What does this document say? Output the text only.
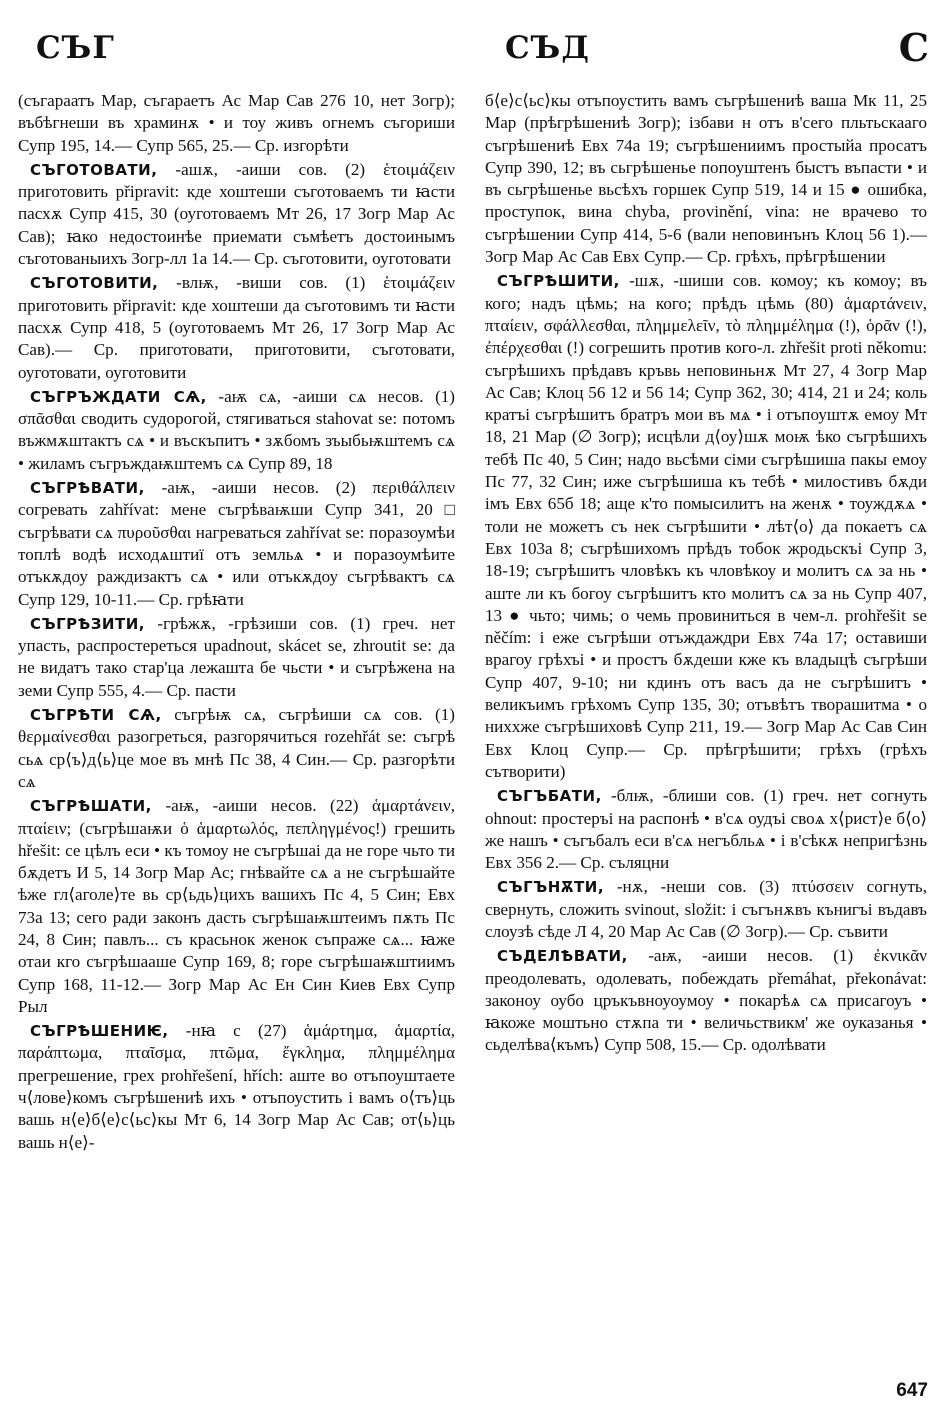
СЪГ	СЪД	С

(съгараатъ Мар, съгараетъ Ас Мар Сав 276 10, нет Зогр); въбѣгнеши въ храминѫ • и тоу живъ огнемъ съгориши Супр 195, 14.— Супр 565, 25.— Ср. изгорѣти

СЪГОТОВАТИ, -ашѫ, -аиши сов. (2) ἑτοιμάζειν приготовить připravit: кде хоштеши съготоваемъ ти ꙗсти пасхѫ Супр 415, 30 (оуготоваемъ Мт 26, 17 Зогр Мар Ас Сав); ꙗко недостоинѣе приемати съмѣетъ достоинымъ съготованыихъ Зогр-лл 1а 14.— Ср. съготовити, оуготовати

СЪГОТОВИТИ, -влѭ, -виши сов. (1) ἑτοιμάζειν приготовить připravit: кде хоштеши да съготовимъ ти ꙗсти пасхѫ Супр 418, 5 (оуготоваемъ Мт 26, 17 Зогр Мар Ас Сав).— Ср. приготовати, приготовити, съготовати, оуготовати, оуготовити

СЪГРЪЖДАТИ СѦ, -аѭ сѧ, -аиши сѧ несов. (1) σπᾶσθαι сводить судорогой, стягиваться stahovat se: потомъ въжмѫштактъ сѧ • и въскъпитъ • зѫбомъ зъыбьѭштемъ сѧ • жиламъ съгръждаѭштемъ сѧ Супр 89, 18

СЪГРѢВАТИ, -аѭ, -аиши несов. (2) περιθάλπειν согревать zahřívat: мене съгрѣваѭши Супр 341, 20 □ съгрѣвати сѧ πυροῦσθαι нагреваться zahřívat se: поразоумѣи топлѣ водѣ исходѧштиї отъ земльѧ • и поразоумѣите отъкѫдоу раждизактъ сѧ • или отъкѫдоу съгрѣвактъ сѧ Супр 129, 10-11.— Ср. грѣꙗти

СЪГРѢЗИТИ, -грѣжѫ, -грѣзиши сов. (1) греч. нет упасть, распростереться upadnout, skácet se, zhroutit se: да не видатъ тако стар'ца лежашта бе чьсти • и съгрѣжена на земи Супр 555, 4.— Ср. пасти

СЪГРѢТИ СѦ, съгрѣѭ сѧ, съгрѣиши сѧ сов. (1) θερμαίνεσθαι разогреться, разгорячиться rozehřát se: съгрѣ сьѧ ср⟨ъ⟩д⟨ь⟩це мое въ мнѣ Пс 38, 4 Син.— Ср. разгорѣти сѧ

СЪГРѢШАТИ, -аѭ, -аиши несов. (22) ἁμαρτάνειν, πταίειν; (съгрѣшаѭи ὁ ἁμαρτωλός, πεπληγμένος!) грешить hřešit: се цѣлъ еси • къ томоу не съгрѣшаі да не горе чьто ти бѫдетъ И 5, 14 Зогр Мар Ас; гнѣвайте сѧ а не съгрѣшайте ѣже гл⟨аголе⟩те вь ср⟨ьдь⟩цихъ вашихъ Пс 4, 5 Син; Евх 73а 13; сего ради законъ дасть съгрѣшаѭштеимъ пѫть Пс 24, 8 Син; павлъ... съ красьнок женок съпраже сѧ... ꙗже отаи кго съгрѣшааше Супр 169, 8; горе съгрѣшаѭштиимъ Супр 168, 11-12.— Зогр Мар Ас Ен Син Киев Евх Супр Рыл

СЪГРѢШЕНИѤ, -нꙗ с (27) ἁμάρτημα, ἁμαρτία, παράπτωμα, πταῖσμα, πτῶμα, ἔγκλημα, πλημμέλημα прегрешение, грех prohřešení, hřích: аште во отъпоуштаете ч⟨лове⟩комъ съгрѣшениѣ ихъ • отъпоустить і вамъ о⟨тъ⟩ць вашь н⟨е⟩б⟨е⟩с⟨ьс⟩кы Мт 6, 14 Зогр Мар Ас Сав; от⟨ь⟩ць вашь н⟨е⟩-

б⟨е⟩с⟨ьс⟩кы отъпоустить вамъ съгрѣшениѣ ваша Мк 11, 25 Мар (прѣгрѣшениѣ Зогр); ізбави н отъ в'сего пльтьскааго съгрѣшениѣ Евх 74а 19; съгрѣшениимъ простыйа просатъ Супр 390, 12; въ сьгрѣшенье попоуштенъ быстъ въпасти • и въ сьгрѣшенье вьсѣхъ горшек Супр 519, 14 и 15 ● ошибка, проступок, вина chyba, provinění, vina: не врачево то съгрѣшении Супр 414, 5-6 (вали неповинънъ Клоц 56 1).— Зогр Мар Ас Сав Евх Супр.— Ср. грѣхъ, прѣгрѣшении

СЪГРѢШИТИ, -шѫ, -шиши сов. комоу; къ комоу; въ кого; надъ цѣмь; на кого; прѣдъ цѣмь (80) ἁμαρτάνειν, πταίειν, σφάλλεσθαι, πλημμελεῖν, τὸ πλημμέλημα (!), ὁρᾶν (!), ἐπέρχεσθαι (!) согрешить против кого-л. zhřešit proti někomu: съгрѣшихъ прѣдавъ кръвь неповиньнѫ Мт 27, 4 Зогр Мар Ас Сав; Клоц 56 12 и 56 14; Супр 362, 30; 414, 21 и 24; коль кратъі съгрѣшитъ братръ мои въ мѧ • і отъпоуштѫ емоу Мт 18, 21 Мар (∅ Зогр); исцѣли д⟨оу⟩шѫ моѭ ѣко съгрѣшихъ тебѣ Пс 40, 5 Син; надо вьсѣми сіми съгрѣшиша пакы емоу Пс 77, 32 Син; иже съгрѣшиша къ тебѣ • милостивъ бѫди імъ Евх 65б 18; аще к'то помысилитъ на женѫ • тоуждѫѧ • толи не можетъ съ нек съгрѣшити • лѣт⟨о⟩ да покаетъ сѧ Евх 103а 8; съгрѣшихомъ прѣдъ тобок жродьскъі Супр 3, 18-19; съгрѣшитъ чловѣкъ къ чловѣкоу и молитъ сѧ за нь • аште ли къ богоу съгрѣшитъ кто молитъ сѧ за нь Супр 407, 13 ● чьто; чимь; о чемь провиниться в чем-л. prohřešit se něčím: і еже съгрѣши отъждаждри Евх 74а 17; оставиши врагоу грѣхъі • и простъ бѫдеши кже къ владыцѣ съгрѣши Супр 407, 9-10; ни кдинъ отъ васъ да не съгрѣшитъ • великъимъ грѣхомъ Супр 135, 30; отъвѣтъ творашитма • о ниххже съгрѣшиховѣ Супр 211, 19.— Зогр Мар Ас Сав Син Евх Клоц Супр.— Ср. прѣгрѣшити; грѣхъ (грѣхъ сътворити)

СЪГЪБАТИ, -блѭ, -блиши сов. (1) греч. нет согнуть ohnout: простеръі на распонѣ • в'сѧ оудъі своѧ х⟨рист⟩е б⟨о⟩же нашъ • съгъбалъ еси в'сѧ негъбльѧ • і в'сѣкѫ непригѣзнь Евх 356 2.— Ср. съляцни

СЪГЪНѪТИ, -нѫ, -неши сов. (3) πτύσσειν согнуть, свернуть, сложить svinout, složit: і съгънѫвъ кънигъі въдавъ слоузѣ сѣде Л 4, 20 Мар Ас Сав (∅ Зогр).— Ср. съвити

СЪДЕЛѢВАТИ, -аѭ, -аиши несов. (1) ἐκνικᾶν преодолевать, одолевать, побеждать přemáhat, překonávat: законоу оубо цръкъвноуоумоу • покарѣѧ сѧ присагоуъ • ꙗкоже моштьно стѫпа ти • величьствикм' же оуказанья • сьделѣва⟨къмъ⟩ Супр 508, 15.— Ср. одолѣвати

647
